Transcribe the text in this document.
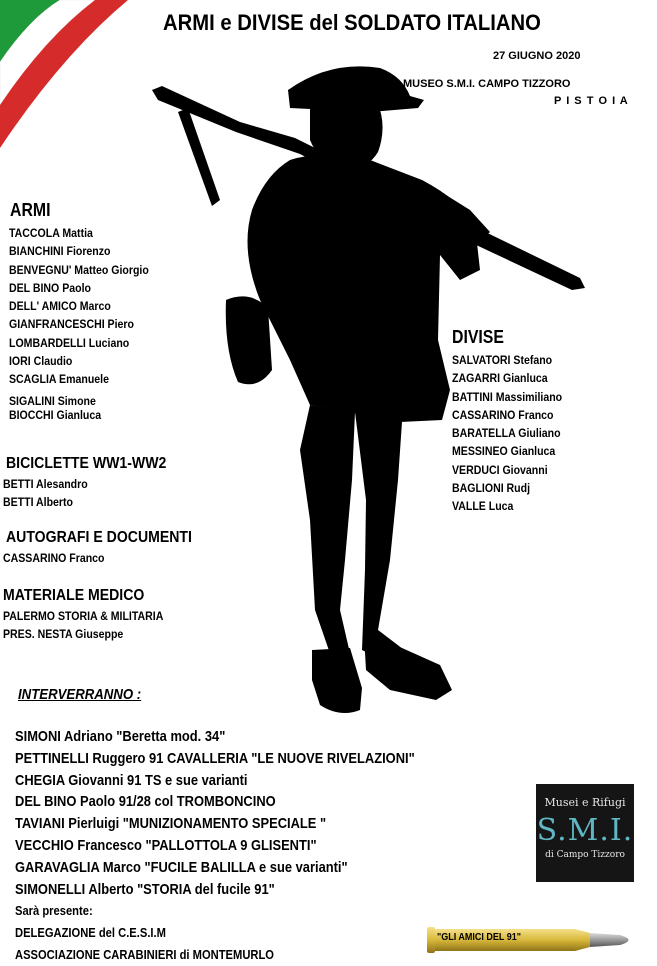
ARMI e DIVISE del SOLDATO ITALIANO
27 GIUGNO 2020
MUSEO S.M.I. CAMPO TIZZORO
P I S T O I A
ARMI
TACCOLA Mattia
BIANCHINI Fiorenzo
BENVEGNU' Matteo Giorgio
DEL BINO Paolo
DELL' AMICO Marco
GIANFRANCESCHI Piero
LOMBARDELLI Luciano
IORI Claudio
SCAGLIA Emanuele
SIGALINI Simone
BIOCCHI Gianluca
DIVISE
SALVATORI Stefano
ZAGARRI Gianluca
BATTINI Massimiliano
CASSARINO Franco
BARATELLA Giuliano
MESSINEO Gianluca
VERDUCI Giovanni
BAGLIONI Rudj
VALLE Luca
BICICLETTE WW1-WW2
BETTI Alesandro
BETTI Alberto
AUTOGRAFI E DOCUMENTI
CASSARINO Franco
MATERIALE MEDICO
PALERMO STORIA & MILITARIA
PRES. NESTA Giuseppe
INTERVERRANNO :
SIMONI Adriano "Beretta mod. 34"
PETTINELLI Ruggero 91 CAVALLERIA "LE NUOVE RIVELAZIONI"
CHEGIA Giovanni 91 TS e sue varianti
DEL BINO Paolo 91/28 col TROMBONCINO
TAVIANI Pierluigi "MUNIZIONAMENTO SPECIALE "
VECCHIO Francesco "PALLOTTOLA 9 GLISENTI"
GARAVAGLIA Marco "FUCILE BALILLA e sue varianti"
SIMONELLI Alberto "STORIA del fucile 91"
Sarà presente:
DELEGAZIONE del C.E.S.I.M
ASSOCIAZIONE CARABINIERI di MONTEMURLO
Musei e Rifugi
S.M.I.
di Campo Tizzoro
"GLI AMICI DEL 91"
